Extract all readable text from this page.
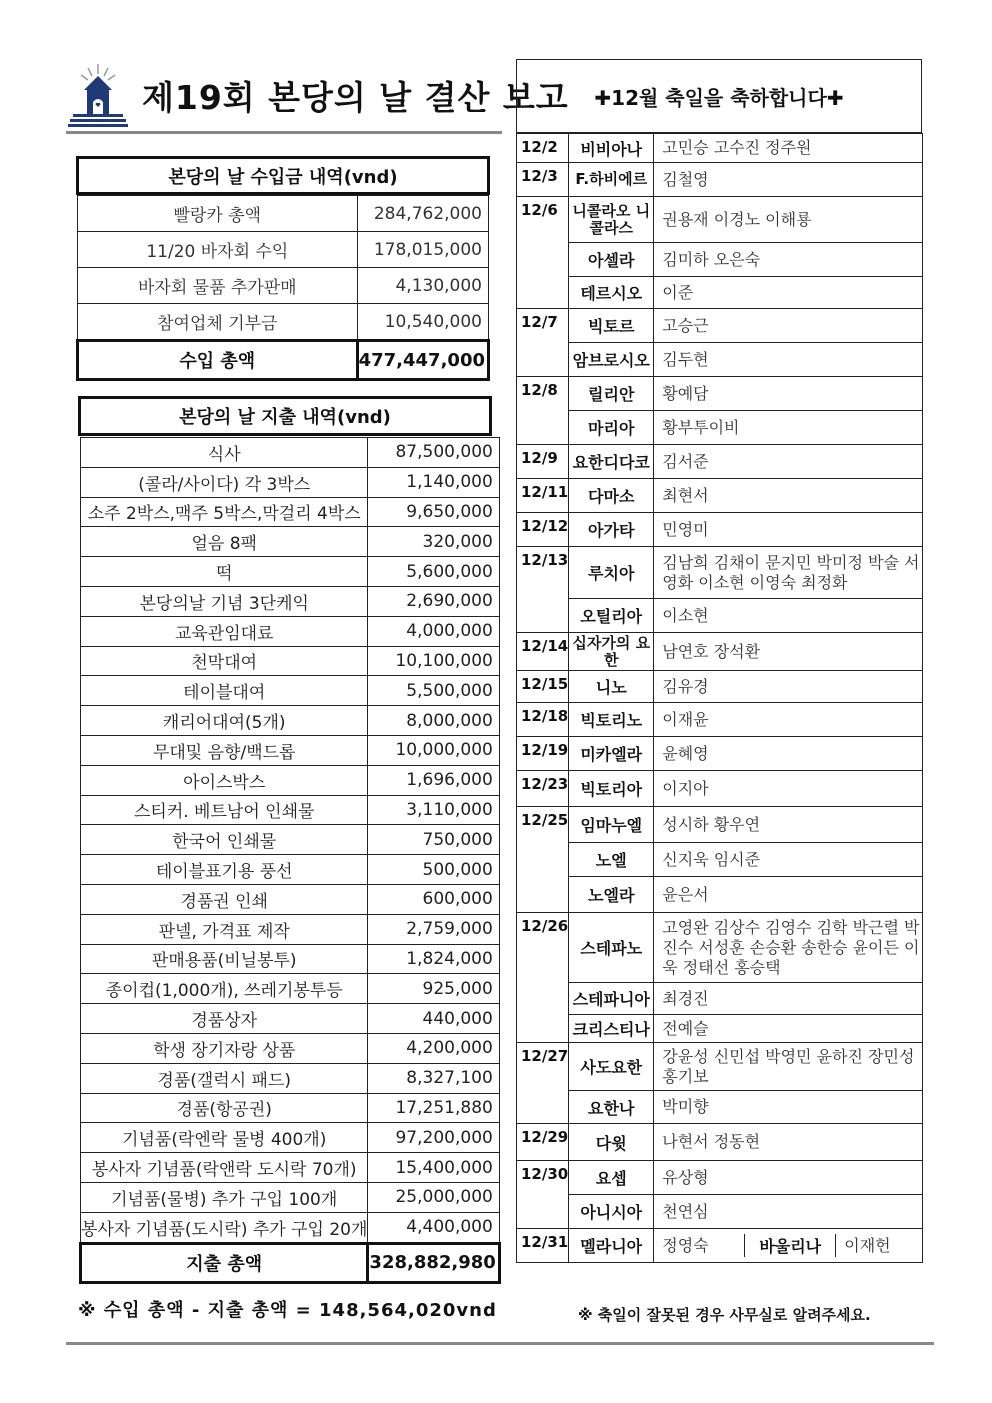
제19회 본당의 날 결산 보고
본당의 날 수입금 내역(vnd)
빨랑카 총액	284,762,000
11/20 바자회 수익	178,015,000
바자회 물품 추가판매	4,130,000
참여업체 기부금	10,540,000
수입 총액	477,447,000
본당의 날 지출 내역(vnd)
식사	87,500,000
(콜라/사이다) 각 3박스	1,140,000
소주 2박스,맥주 5박스,막걸리 4박스	9,650,000
얼음 8팩	320,000
떡	5,600,000
본당의날 기념 3단케익	2,690,000
교육관임대료	4,000,000
천막대여	10,100,000
테이블대여	5,500,000
캐리어대여(5개)	8,000,000
무대및 음향/백드롭	10,000,000
아이스박스	1,696,000
스티커. 베트남어 인쇄물	3,110,000
한국어 인쇄물	750,000
테이블표기용 풍선	500,000
경품권 인쇄	600,000
판넬, 가격표 제작	2,759,000
판매용품(비닐봉투)	1,824,000
종이컵(1,000개), 쓰레기봉투등	925,000
경품상자	440,000
학생 장기자랑 상품	4,200,000
경품(갤럭시 패드)	8,327,100
경품(항공권)	17,251,880
기념품(락엔락 물병 400개)	97,200,000
봉사자 기념품(락앤락 도시락 70개)	15,400,000
기념품(물병) 추가 구입 100개	25,000,000
봉사자 기념품(도시락) 추가 구입 20개	4,400,000
지출 총액	328,882,980
※ 수입 총액 - 지출 총액 = 148,564,020vnd
✚12월 축일을 축하합니다✚
12/2	비비아나	고민승 고수진 정주원
12/3	F.하비에르	김철영
12/6	니콜라오 니콜라스	권용재 이경노 이해룡
아셀라	김미하 오은숙
테르시오	이준
12/7	빅토르	고승근
암브로시오	김두현
12/8	릴리안	황예담
마리아	황부투이비
12/9	요한디다코	김서준
12/11	다마소	최현서
12/12	아가타	민영미
12/13	루치아	김남희 김채이 문지민 박미정 박술 서영화 이소현 이영숙 최정화
오틸리아	이소현
12/14	십자가의 요한	남연호 장석환
12/15	니노	김유경
12/18	빅토리노	이재윤
12/19	미카엘라	윤혜영
12/23	빅토리아	이지아
12/25	임마누엘	성시하 황우연
노엘	신지욱 임시준
노엘라	윤은서
12/26	스테파노	고영완 김상수 김영수 김학 박근렬 박진수 서성훈 손승환 송한승 윤이든 이욱 정태선 홍승택
스테파니아	최경진
크리스티나	전예슬
12/27	사도요한	강윤성 신민섭 박영민 윤하진 장민성 홍기보
요한나	박미향
12/29	다윗	나현서 정동현
12/30	요셉	유상형
아니시아	천연심
12/31	멜라니아	정영숙	바울리나	이재헌
※ 축일이 잘못된 경우 사무실로 알려주세요.
